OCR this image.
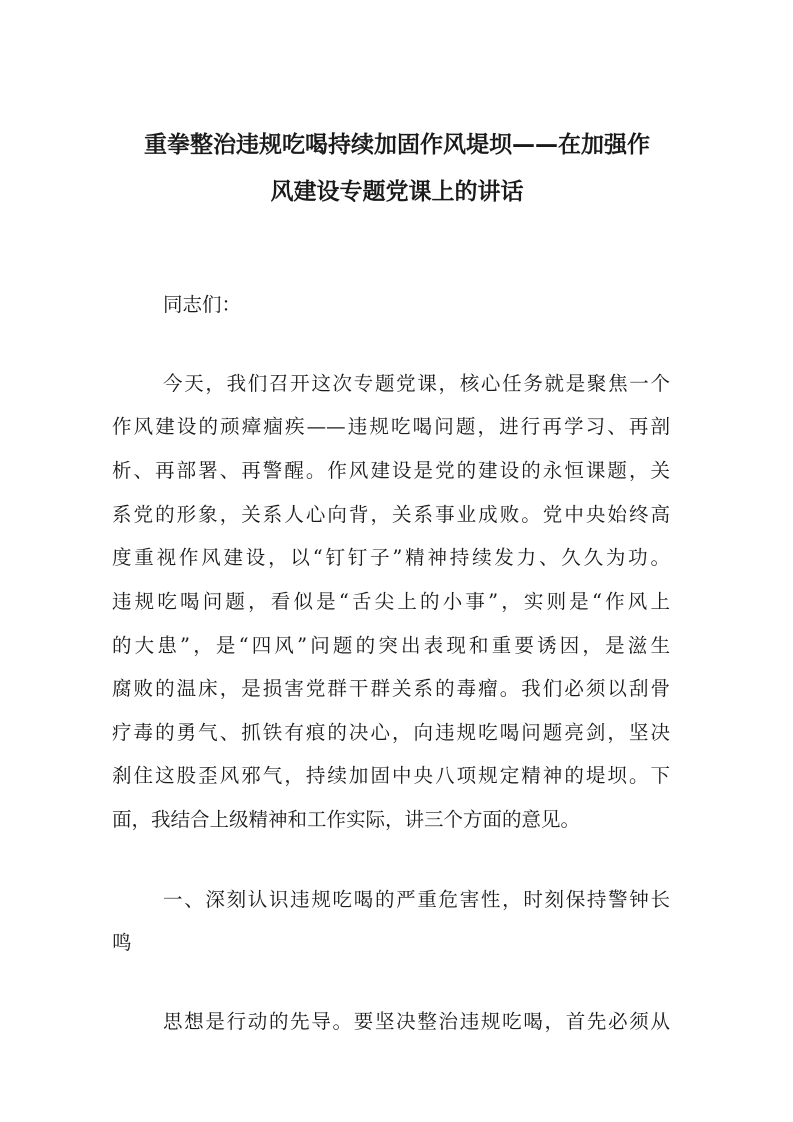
重拳整治违规吃喝持续加固作风堤坝——在加强作
风建设专题党课上的讲话
同志们：
今天，我们召开这次专题党课，核心任务就是聚焦一个
作风建设的顽瘴痼疾——违规吃喝问题，进行再学习、再剖
析、再部署、再警醒。作风建设是党的建设的永恒课题，关
系党的形象，关系人心向背，关系事业成败。党中央始终高
度重视作风建设，以“钉钉子”精神持续发力、久久为功。
违规吃喝问题，看似是“舌尖上的小事”，实则是“作风上
的大患”，是“四风”问题的突出表现和重要诱因，是滋生
腐败的温床，是损害党群干群关系的毒瘤。我们必须以刮骨
疗毒的勇气、抓铁有痕的决心，向违规吃喝问题亮剑，坚决
刹住这股歪风邪气，持续加固中央八项规定精神的堤坝。下
面，我结合上级精神和工作实际，讲三个方面的意见。
一、深刻认识违规吃喝的严重危害性，时刻保持警钟长
鸣
思想是行动的先导。要坚决整治违规吃喝，首先必须从
